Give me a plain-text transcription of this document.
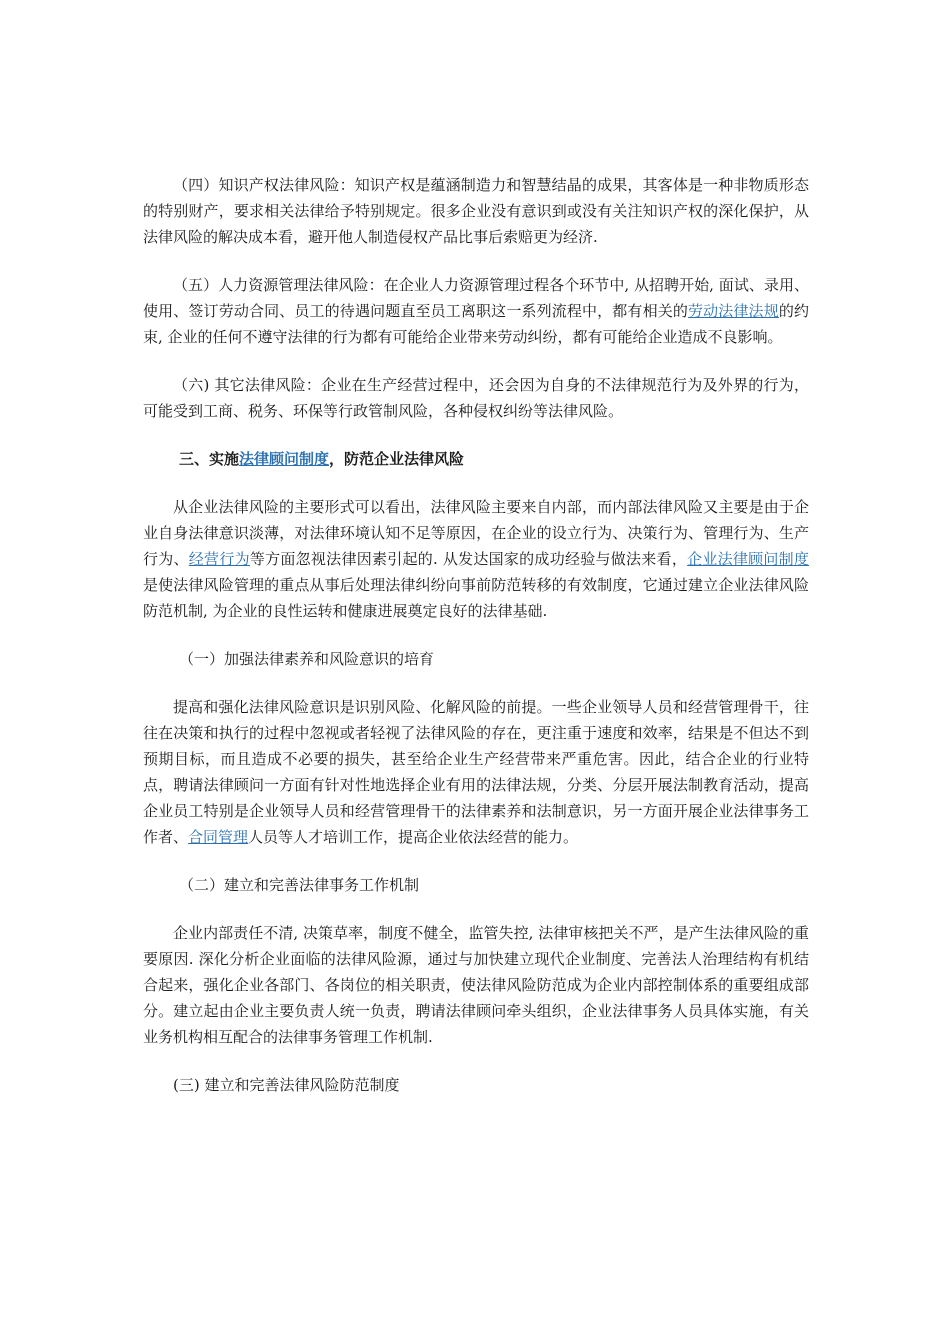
（四）知识产权法律风险：知识产权是蕴涵制造力和智慧结晶的成果，其客体是一种非物质形态的特别财产，要求相关法律给予特别规定。很多企业没有意识到或没有关注知识产权的深化保护，从法律风险的解决成本看，避开他人制造侵权产品比事后索赔更为经济.

（五）人力资源管理法律风险：在企业人力资源管理过程各个环节中, 从招聘开始, 面试、录用、使用、签订劳动合同、员工的待遇问题直至员工离职这一系列流程中，都有相关的劳动法律法规的约束, 企业的任何不遵守法律的行为都有可能给企业带来劳动纠纷，都有可能给企业造成不良影响。

（六) 其它法律风险：企业在生产经营过程中，还会因为自身的不法律规范行为及外界的行为，可能受到工商、税务、环保等行政管制风险，各种侵权纠纷等法律风险。

三、实施法律顾问制度，防范企业法律风险

从企业法律风险的主要形式可以看出，法律风险主要来自内部，而内部法律风险又主要是由于企业自身法律意识淡薄，对法律环境认知不足等原因，在企业的设立行为、决策行为、管理行为、生产行为、经营行为等方面忽视法律因素引起的. 从发达国家的成功经验与做法来看，企业法律顾问制度是使法律风险管理的重点从事后处理法律纠纷向事前防范转移的有效制度，它通过建立企业法律风险防范机制, 为企业的良性运转和健康进展奠定良好的法律基础.

（一）加强法律素养和风险意识的培育

提高和强化法律风险意识是识别风险、化解风险的前提。一些企业领导人员和经营管理骨干，往往在决策和执行的过程中忽视或者轻视了法律风险的存在，更注重于速度和效率，结果是不但达不到预期目标，而且造成不必要的损失，甚至给企业生产经营带来严重危害。因此，结合企业的行业特点，聘请法律顾问一方面有针对性地选择企业有用的法律法规，分类、分层开展法制教育活动，提高企业员工特别是企业领导人员和经营管理骨干的法律素养和法制意识，另一方面开展企业法律事务工作者、合同管理人员等人才培训工作，提高企业依法经营的能力。

（二）建立和完善法律事务工作机制

企业内部责任不清, 决策草率，制度不健全，监管失控, 法律审核把关不严，是产生法律风险的重要原因. 深化分析企业面临的法律风险源，通过与加快建立现代企业制度、完善法人治理结构有机结合起来，强化企业各部门、各岗位的相关职责，使法律风险防范成为企业内部控制体系的重要组成部分。建立起由企业主要负责人统一负责，聘请法律顾问牵头组织，企业法律事务人员具体实施，有关业务机构相互配合的法律事务管理工作机制.

(三) 建立和完善法律风险防范制度
